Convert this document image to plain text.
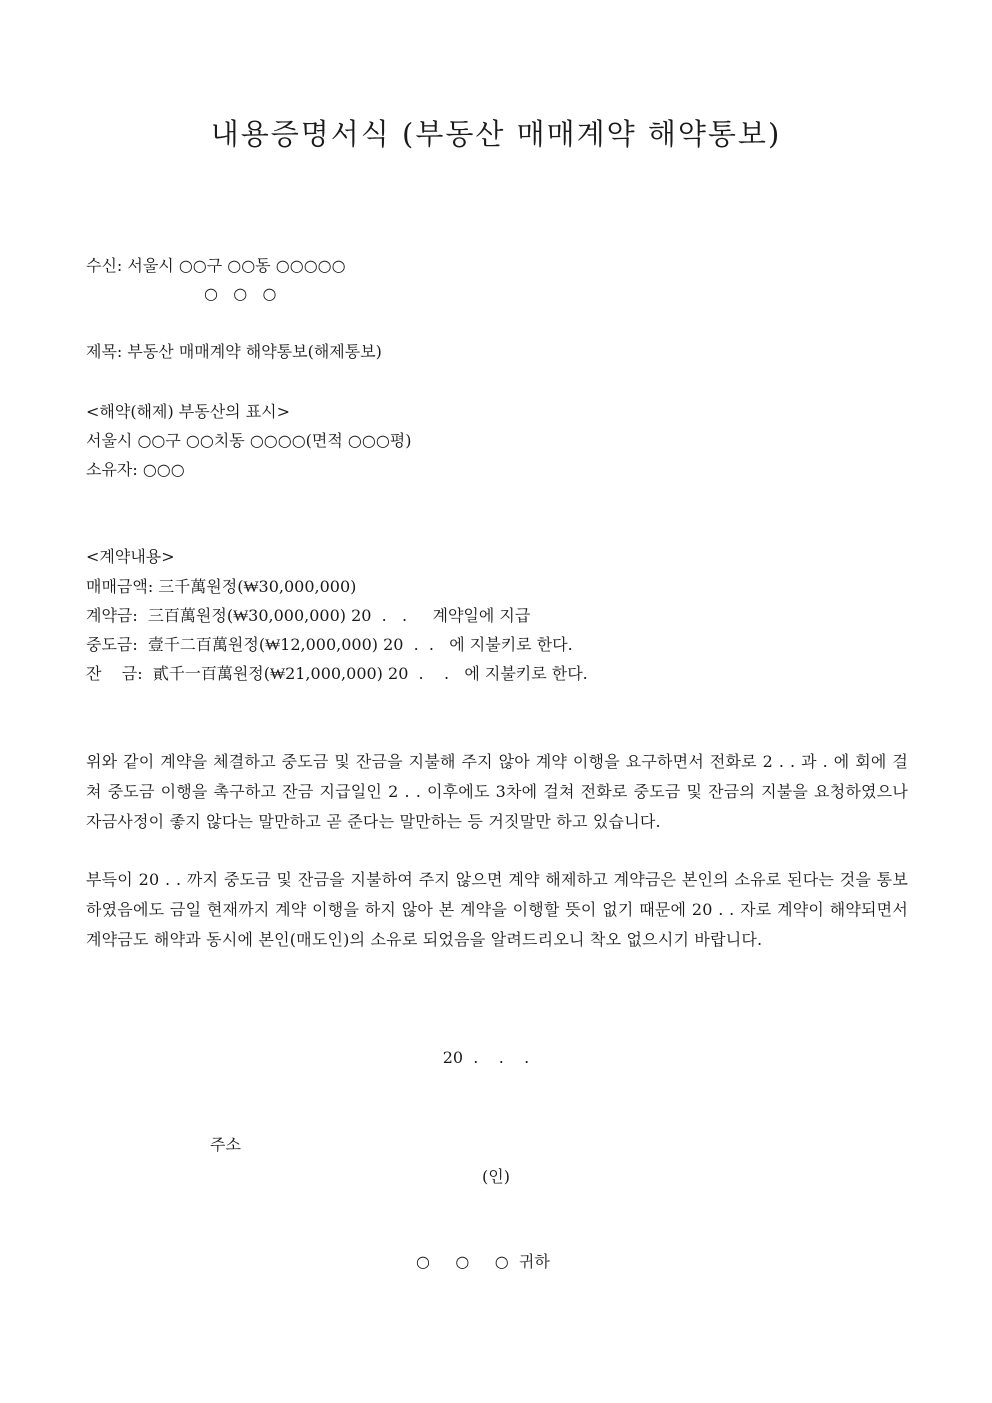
내용증명서식 (부동산 매매계약 해약통보)
수신: 서울시 ○○구 ○○동 ○○○○○
○   ○   ○
제목: 부동산 매매계약 해약통보(해제통보)
<해약(해제) 부동산의 표시>
서울시 ○○구 ○○치동 ○○○○(면적 ○○○평)
소유자: ○○○
<계약내용>
매매금액: 三千萬원정(₩30,000,000)
계약금:  三百萬원정(₩30,000,000) 20  .   .     계약일에 지급
중도금:  壹千二百萬원정(₩12,000,000) 20  .  .   에 지불키로 한다.
잔    금:  貳千一百萬원정(₩21,000,000) 20  .    .   에 지불키로 한다.
위와 같이 계약을 체결하고 중도금 및 잔금을 지불해 주지 않아 계약 이행을 요구하면서 전화로 2 . . 과 . 에 회에 걸쳐 중도금 이행을 촉구하고 잔금 지급일인 2 . . 이후에도 3차에 걸쳐 전화로 중도금 및 잔금의 지불을 요청하였으나 자금사정이 좋지 않다는 말만하고 곧 준다는 말만하는 등 거짓말만 하고 있습니다.
부득이 20 . . 까지 중도금 및 잔금을 지불하여 주지 않으면 계약 해제하고 계약금은 본인의 소유로 된다는 것을 통보하였음에도 금일 현재까지 계약 이행을 하지 않아 본 계약을 이행할 뜻이 없기 때문에 20 . . 자로 계약이 해약되면서 계약금도 해약과 동시에 본인(매도인)의 소유로 되었음을 알려드리오니 착오 없으시기 바랍니다.
20  .    .    .
주소
(인)
○     ○     ○  귀하
